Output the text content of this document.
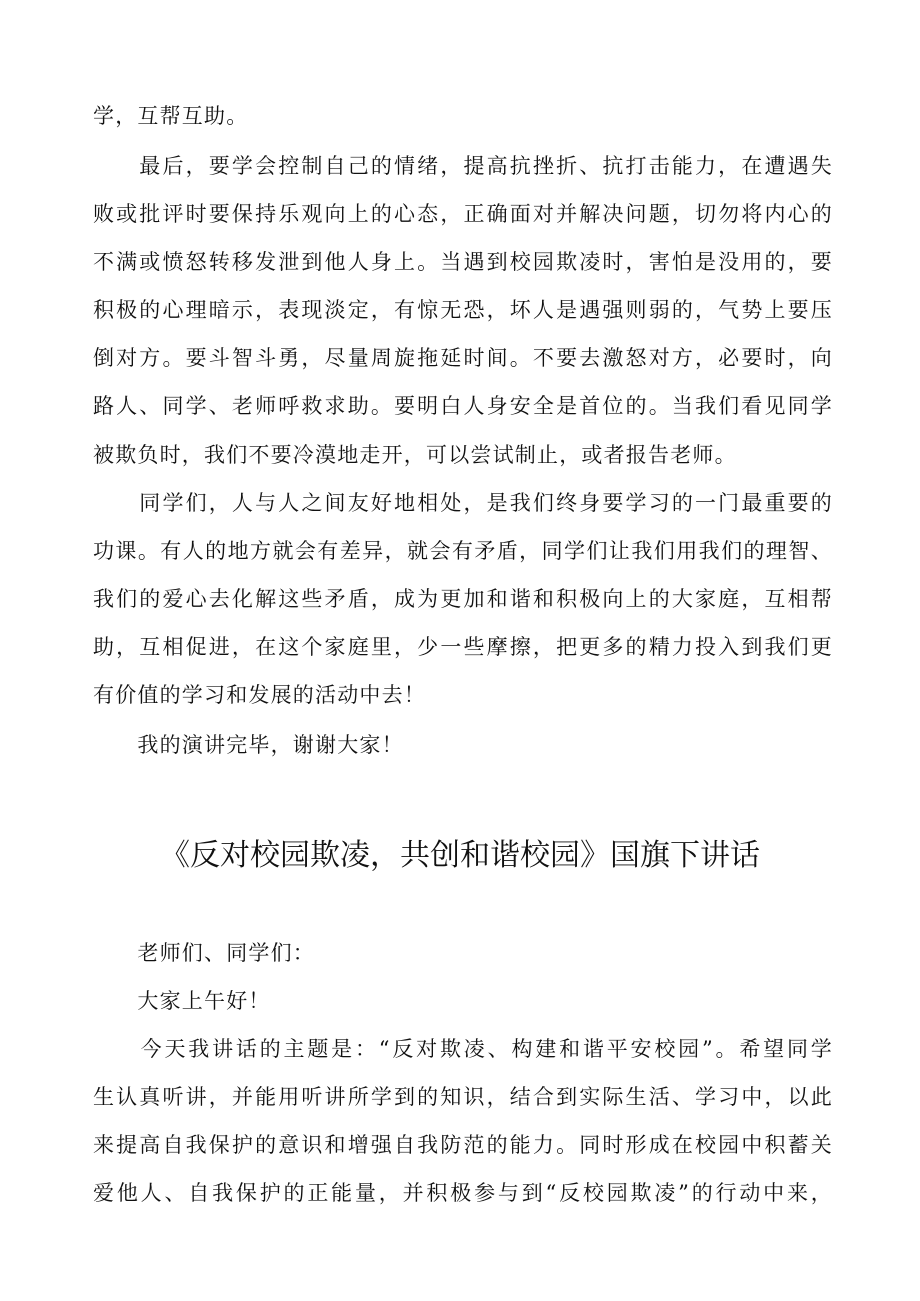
学，互帮互助。
　　最后，要学会控制自己的情绪，提高抗挫折、抗打击能力，在遭遇失
败或批评时要保持乐观向上的心态，正确面对并解决问题，切勿将内心的
不满或愤怒转移发泄到他人身上。当遇到校园欺凌时，害怕是没用的，要
积极的心理暗示，表现淡定，有惊无恐，坏人是遇强则弱的，气势上要压
倒对方。要斗智斗勇，尽量周旋拖延时间。不要去激怒对方，必要时，向
路人、同学、老师呼救求助。要明白人身安全是首位的。当我们看见同学
被欺负时，我们不要冷漠地走开，可以尝试制止，或者报告老师。
　　同学们，人与人之间友好地相处，是我们终身要学习的一门最重要的
功课。有人的地方就会有差异，就会有矛盾，同学们让我们用我们的理智、
我们的爱心去化解这些矛盾，成为更加和谐和积极向上的大家庭，互相帮
助，互相促进，在这个家庭里，少一些摩擦，把更多的精力投入到我们更
有价值的学习和发展的活动中去！
　　我的演讲完毕，谢谢大家！
《反对校园欺凌，共创和谐校园》国旗下讲话
　　老师们、同学们：
　　大家上午好！
　　今天我讲话的主题是：“反对欺凌、构建和谐平安校园”。希望同学
生认真听讲，并能用听讲所学到的知识，结合到实际生活、学习中，以此
来提高自我保护的意识和增强自我防范的能力。同时形成在校园中积蓄关
爱他人、自我保护的正能量，并积极参与到“反校园欺凌”的行动中来，
